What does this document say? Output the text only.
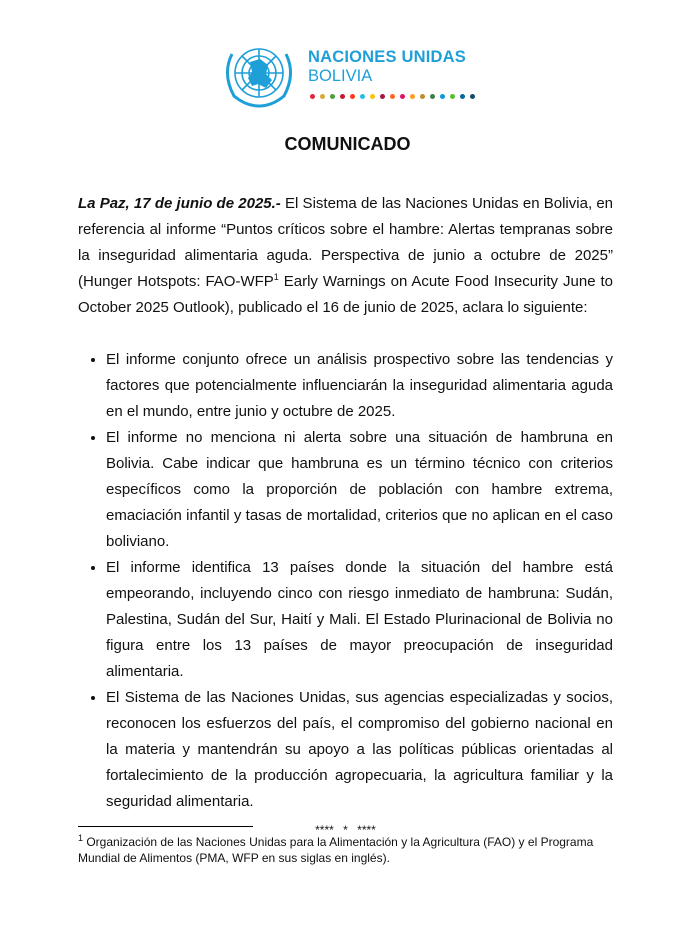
NACIONES UNIDAS
BOLIVIA
COMUNICADO

La Paz, 17 de junio de 2025.- El Sistema de las Naciones Unidas en Bolivia, en referencia al informe “Puntos críticos sobre el hambre: Alertas tempranas sobre la inseguridad alimentaria aguda. Perspectiva de junio a octubre de 2025” (Hunger Hotspots: FAO-WFP$^1$ Early Warnings on Acute Food Insecurity June to October 2025 Outlook), publicado el 16 de junio de 2025, aclara lo siguiente:

• El informe conjunto ofrece un análisis prospectivo sobre las tendencias y factores que potencialmente influenciarán la inseguridad alimentaria aguda en el mundo, entre junio y octubre de 2025.
• El informe no menciona ni alerta sobre una situación de hambruna en Bolivia. Cabe indicar que hambruna es un término técnico con criterios específicos como la proporción de población con hambre extrema, emaciación infantil y tasas de mortalidad, criterios que no aplican en el caso boliviano.
• El informe identifica 13 países donde la situación del hambre está empeorando, incluyendo cinco con riesgo inmediato de hambruna: Sudán, Palestina, Sudán del Sur, Haití y Mali. El Estado Plurinacional de Bolivia no figura entre los 13 países de mayor preocupación de inseguridad alimentaria.
• El Sistema de las Naciones Unidas, sus agencias especializadas y socios, reconocen los esfuerzos del país, el compromiso del gobierno nacional en la materia y mantendrán su apoyo a las políticas públicas orientadas al fortalecimiento de la producción agropecuaria, la agricultura familiar y la seguridad alimentaria.
**** * ****
$^1$ Organización de las Naciones Unidas para la Alimentación y la Agricultura (FAO) y el Programa Mundial de Alimentos (PMA, WFP en sus siglas en inglés).
